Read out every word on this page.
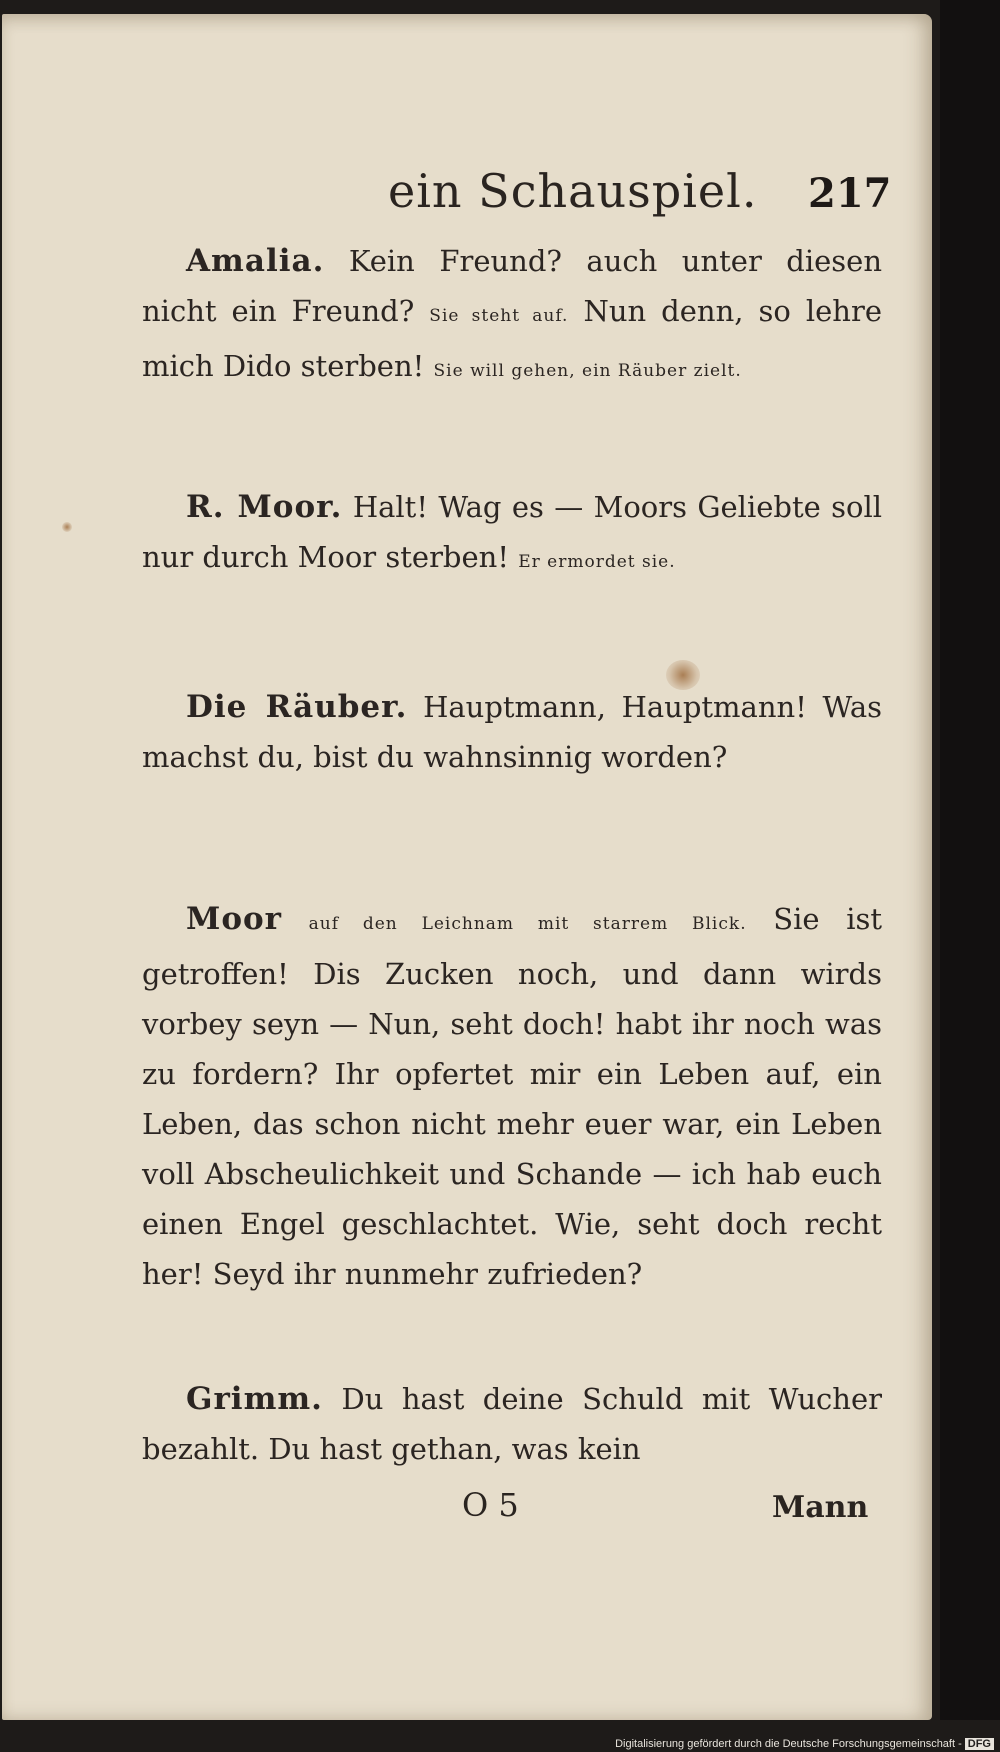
ein Schauspiel. 217
Amalia. Kein Freund? auch unter diesen nicht ein Freund? Sie steht auf. Nun denn, so lehre mich Dido sterben! Sie will gehen, ein Räuber zielt.
R. Moor. Halt! Wag es — Moors Geliebte soll nur durch Moor sterben! Er ermordet sie.
Die Räuber. Hauptmann, Hauptmann! Was machst du, bist du wahnsinnig worden?
Moor auf den Leichnam mit starrem Blick. Sie ist getroffen! Dis Zucken noch, und dann wirds vorbey seyn — Nun, seht doch! habt ihr noch was zu fordern? Ihr opfertet mir ein Leben auf, ein Leben, das schon nicht mehr euer war, ein Leben voll Abscheulichkeit und Schande — ich hab euch einen Engel geschlachtet. Wie, seht doch recht her! Seyd ihr nunmehr zufrieden?
Grimm. Du hast deine Schuld mit Wucher bezahlt. Du hast gethan, was kein
O 5	Mann
Digitalisierung gefördert durch die Deutsche Forschungsgemeinschaft - DFG
